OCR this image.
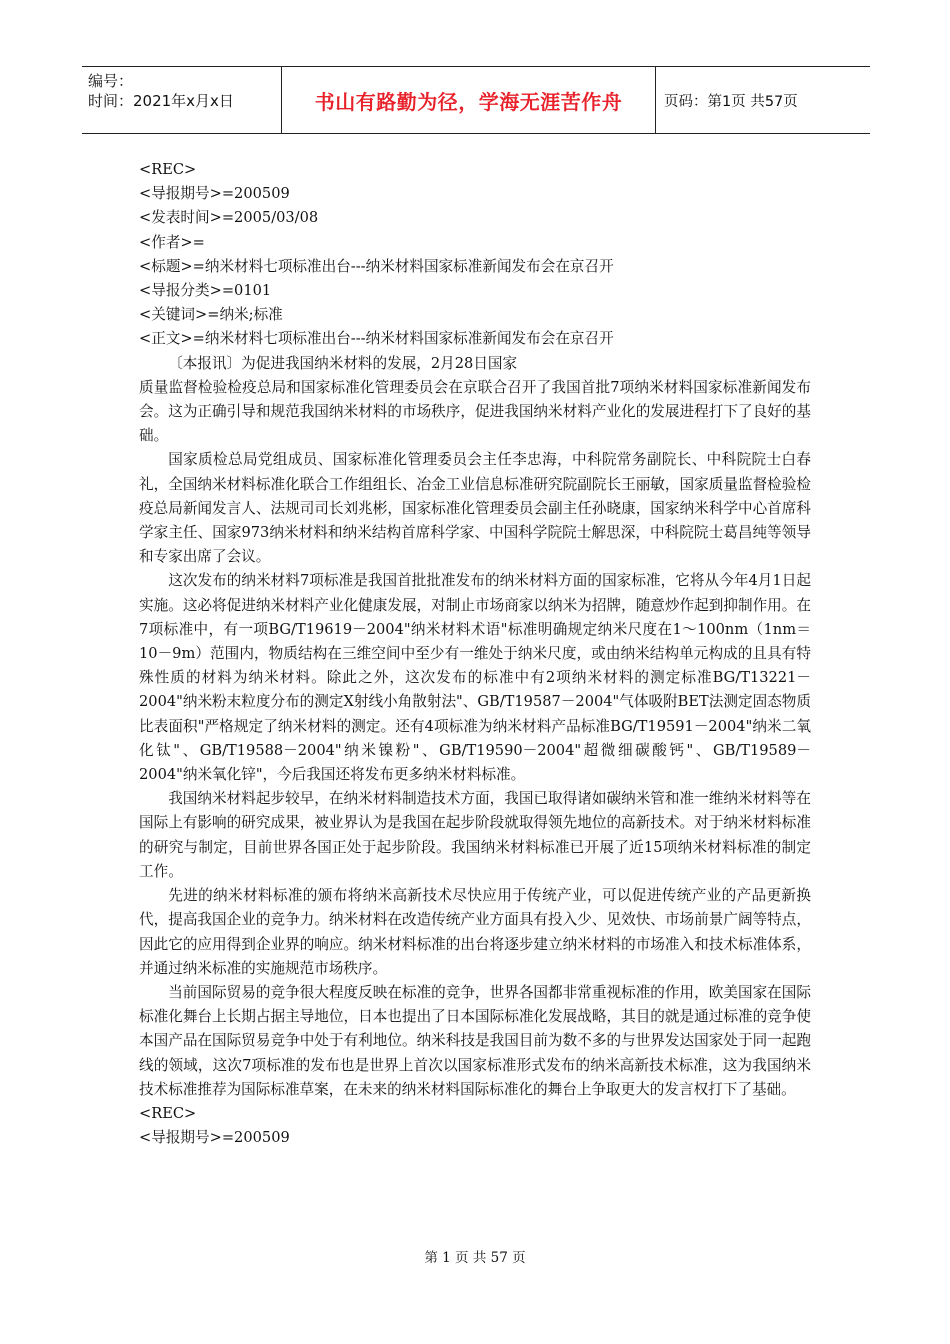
编号：
时间：2021年x月x日	书山有路勤为径，学海无涯苦作舟	页码：第1页 共57页
<REC>
<导报期号>=200509
<发表时间>=2005/03/08
<作者>=
<标题>=纳米材料七项标准出台---纳米材料国家标准新闻发布会在京召开
<导报分类>=0101
<关键词>=纳米;标准
<正文>=纳米材料七项标准出台---纳米材料国家标准新闻发布会在京召开
〔本报讯〕为促进我国纳米材料的发展，2月28日国家
质量监督检验检疫总局和国家标准化管理委员会在京联合召开了我国首批7项纳米材料国家标准新闻发布会。这为正确引导和规范我国纳米材料的市场秩序，促进我国纳米材料产业化的发展进程打下了良好的基础。
国家质检总局党组成员、国家标准化管理委员会主任李忠海，中科院常务副院长、中科院院士白春礼，全国纳米材料标准化联合工作组组长、冶金工业信息标准研究院副院长王丽敏，国家质量监督检验检疫总局新闻发言人、法规司司长刘兆彬，国家标准化管理委员会副主任孙晓康，国家纳米科学中心首席科学家主任、国家973纳米材料和纳米结构首席科学家、中国科学院院士解思深，中科院院士葛昌纯等领导和专家出席了会议。
这次发布的纳米材料7项标准是我国首批批准发布的纳米材料方面的国家标准，它将从今年4月1日起实施。这必将促进纳米材料产业化健康发展，对制止市场商家以纳米为招牌，随意炒作起到抑制作用。在7项标准中，有一项BG/T19619－2004"纳米材料术语"标准明确规定纳米尺度在1～100nm（1nm＝10－9m）范围内，物质结构在三维空间中至少有一维处于纳米尺度，或由纳米结构单元构成的且具有特殊性质的材料为纳米材料。除此之外，这次发布的标准中有2项纳米材料的测定标准BG/T13221－2004"纳米粉末粒度分布的测定X射线小角散射法"、GB/T19587－2004"气体吸附BET法测定固态物质比表面积"严格规定了纳米材料的测定。还有4项标准为纳米材料产品标准BG/T19591－2004"纳米二氧化钛"、GB/T19588－2004"纳米镍粉"、GB/T19590－2004"超微细碳酸钙"、GB/T19589－2004"纳米氧化锌"，今后我国还将发布更多纳米材料标准。
我国纳米材料起步较早，在纳米材料制造技术方面，我国已取得诸如碳纳米管和准一维纳米材料等在国际上有影响的研究成果，被业界认为是我国在起步阶段就取得领先地位的高新技术。对于纳米材料标准的研究与制定，目前世界各国正处于起步阶段。我国纳米材料标准已开展了近15项纳米材料标准的制定工作。
先进的纳米材料标准的颁布将纳米高新技术尽快应用于传统产业，可以促进传统产业的产品更新换代，提高我国企业的竞争力。纳米材料在改造传统产业方面具有投入少、见效快、市场前景广阔等特点，因此它的应用得到企业界的响应。纳米材料标准的出台将逐步建立纳米材料的市场准入和技术标准体系，并通过纳米标准的实施规范市场秩序。
当前国际贸易的竞争很大程度反映在标准的竞争，世界各国都非常重视标准的作用，欧美国家在国际标准化舞台上长期占据主导地位，日本也提出了日本国际标准化发展战略，其目的就是通过标准的竞争使本国产品在国际贸易竞争中处于有利地位。纳米科技是我国目前为数不多的与世界发达国家处于同一起跑线的领域，这次7项标准的发布也是世界上首次以国家标准形式发布的纳米高新技术标准，这为我国纳米技术标准推荐为国际标准草案，在未来的纳米材料国际标准化的舞台上争取更大的发言权打下了基础。
<REC>
<导报期号>=200509
第 1 页 共 57 页
